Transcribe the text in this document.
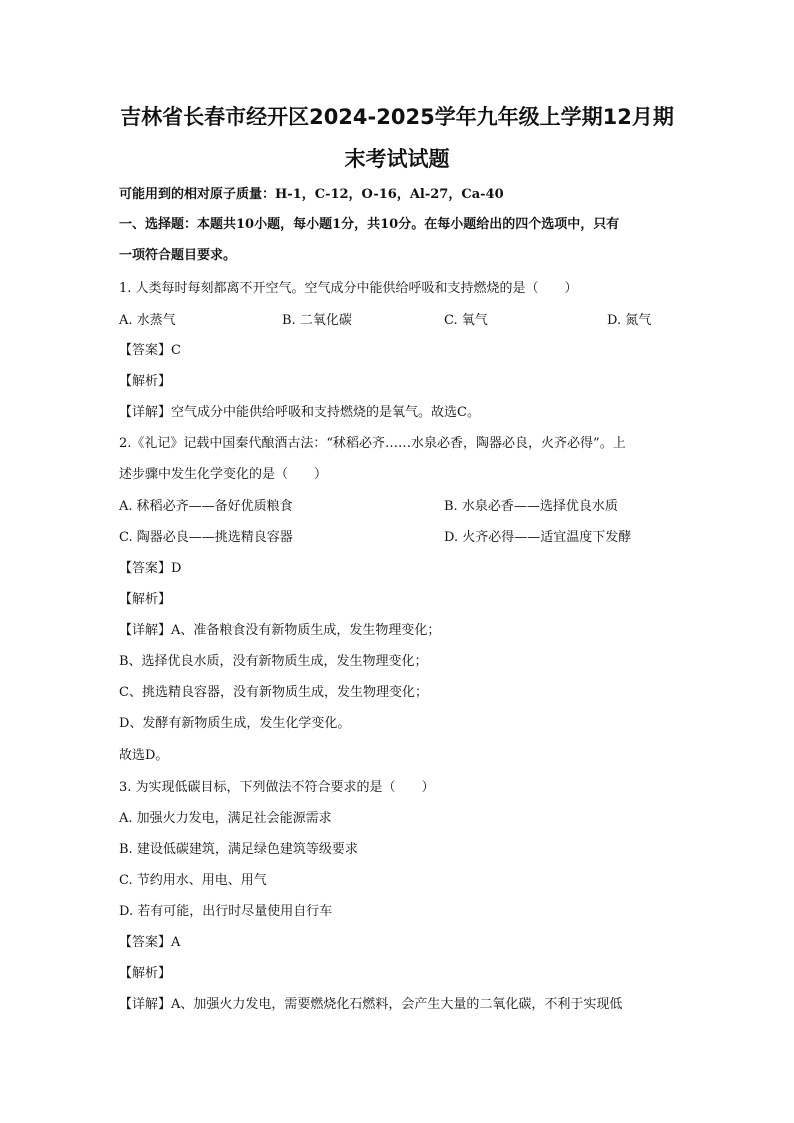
吉林省长春市经开区2024-2025学年九年级上学期12月期
末考试试题
可能用到的相对原子质量：H-1，C-12，O-16，Al-27，Ca-40
一、选择题：本题共10小题，每小题1分，共10分。在每小题给出的四个选项中，只有
一项符合题目要求。
1. 人类每时每刻都离不开空气。空气成分中能供给呼吸和支持燃烧的是（　　）
A. 水蒸气	B. 二氧化碳	C. 氧气	D. 氮气
【答案】C
【解析】
【详解】空气成分中能供给呼吸和支持燃烧的是氧气。故选C。
2.《礼记》记载中国秦代酿酒古法：“秫稻必齐……水泉必香，陶器必良，火齐必得”。上
述步骤中发生化学变化的是（　　）
A. 秫稻必齐——备好优质粮食	B. 水泉必香——选择优良水质
C. 陶器必良——挑选精良容器	D. 火齐必得——适宜温度下发酵
【答案】D
【解析】
【详解】A、准备粮食没有新物质生成，发生物理变化；
B、选择优良水质，没有新物质生成，发生物理变化；
C、挑选精良容器，没有新物质生成，发生物理变化；
D、发酵有新物质生成，发生化学变化。
故选D。
3. 为实现低碳目标，下列做法不符合要求的是（　　）
A. 加强火力发电，满足社会能源需求
B. 建设低碳建筑，满足绿色建筑等级要求
C. 节约用水、用电、用气
D. 若有可能，出行时尽量使用自行车
【答案】A
【解析】
【详解】A、加强火力发电，需要燃烧化石燃料，会产生大量的二氧化碳，不利于实现低
